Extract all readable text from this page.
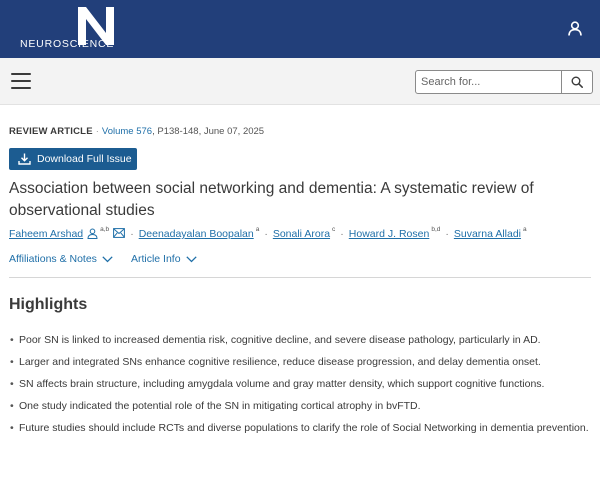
NEUROSCIENCE
Search for...
REVIEW ARTICLE · Volume 576, P138-148, June 07, 2025
Download Full Issue
Association between social networking and dementia: A systematic review of observational studies
Faheem Arshad	$^{a,b}$ · Deenadayalan Boopalan $^a$ · Sonali Arora $^c$ · Howard J. Rosen $^{b,d}$ · Suvarna Alladi $^a$
Affiliations & Notes	Article Info
Highlights
• Poor SN is linked to increased dementia risk, cognitive decline, and severe disease pathology, particularly in AD.
• Larger and integrated SNs enhance cognitive resilience, reduce disease progression, and delay dementia onset.
• SN affects brain structure, including amygdala volume and gray matter density, which support cognitive functions.
• One study indicated the potential role of the SN in mitigating cortical atrophy in bvFTD.
• Future studies should include RCTs and diverse populations to clarify the role of Social Networking in dementia prevention.
